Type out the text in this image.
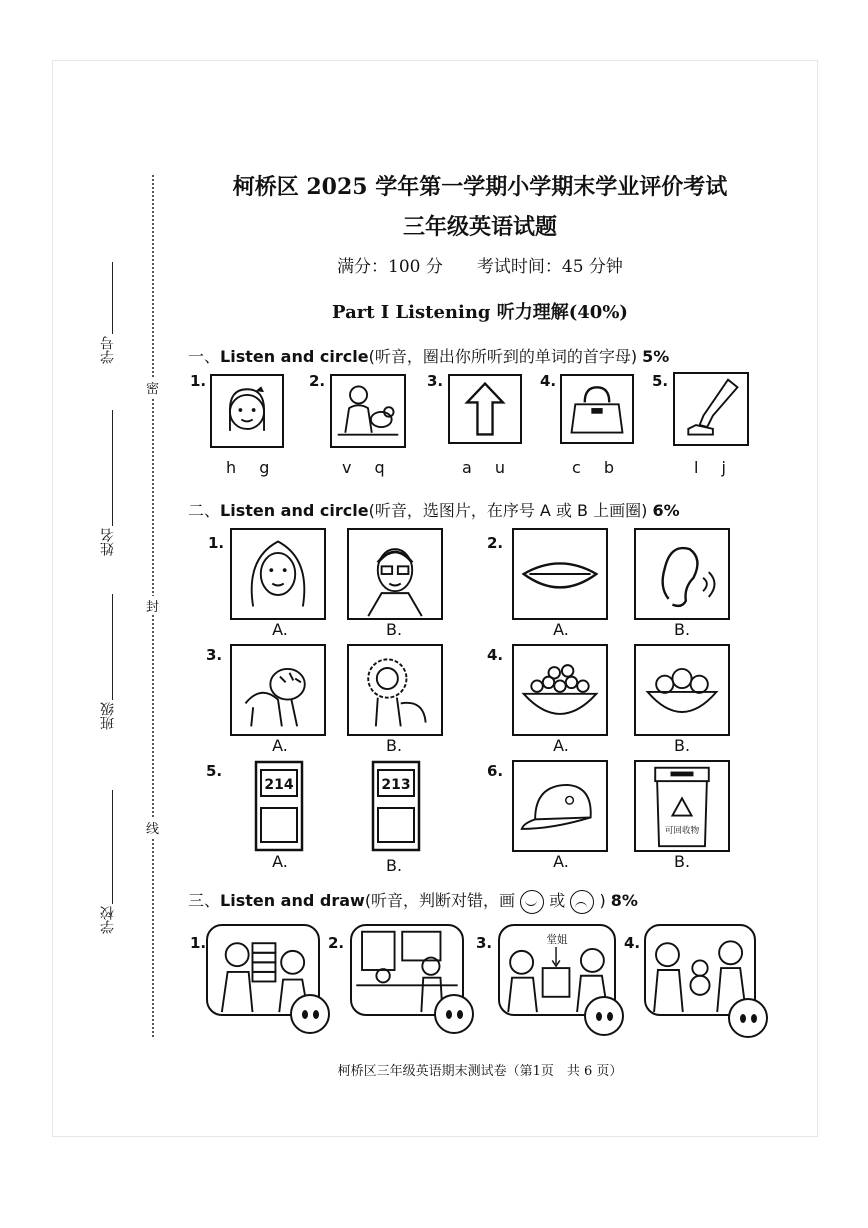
学号
姓名
班级
学校
密
封
线
柯桥区 2025 学年第一学期小学期末学业评价考试
三年级英语试题
满分：100 分　　考试时间：45 分钟
Part I Listening 听力理解(40%)
一、Listen and circle(听音，圈出你所听到的单词的首字母) 5%
1.
h g
2.
v q
3.
a u
4.
c b
5.
l j
二、Listen and circle(听音，选图片，在序号 A 或 B 上画圈) 6%
1.
A.	B.
2.
A.	B.
3.
A.	B.
4.
A.	B.
5.
214
A.
213
B.
6.
A.
可回收物
B.
三、Listen and draw(听音，判断对错，画 或 ) 8%
1.	2.	3.	堂姐	4.
柯桥区三年级英语期末测试卷（第1页　共 6 页）
